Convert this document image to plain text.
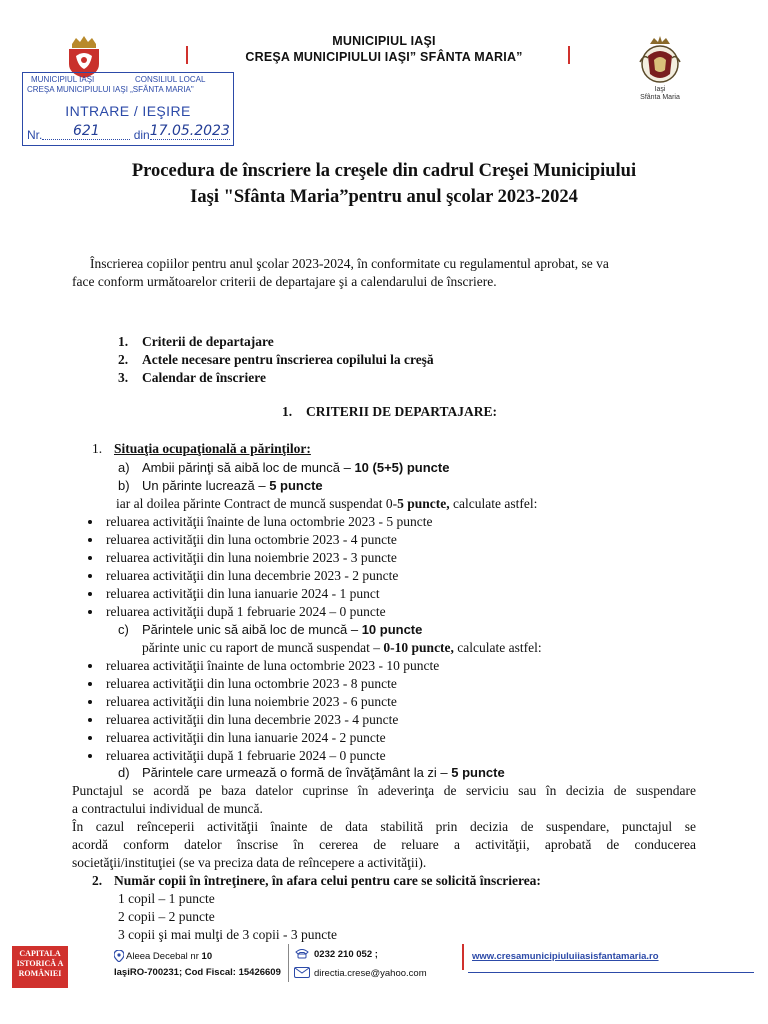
MUNICIPIUL IAŞI
CREŞA MUNICIPIULUI IAŞI” SFÂNTA MARIA”
Iaşi
Sfânta Maria
MUNICIPIUL IAŞI	CONSILIUL LOCAL
CREŞA MUNICIPIULUI IAŞI „SFÂNTA MARIA"
INTRARE / IEŞIRE
Nr. 621	din17.05.2023
Procedura de înscriere la creşele din cadrul Creşei Municipiului
Iaşi "Sfânta Maria”pentru anul şcolar 2023-2024
Înscrierea copiilor pentru anul şcolar 2023-2024, în conformitate cu regulamentul aprobat, se va
face conform următoarelor criterii de departajare şi a calendarului de înscriere.
1. Criterii de departajare
2. Actele necesare pentru înscrierea copilului la creşă
3. Calendar de înscriere
1. CRITERII DE DEPARTAJARE:
1. Situaţia ocupaţională a părinţilor:
a) Ambii părinţi să aibă loc de muncă – 10 (5+5) puncte
b) Un părinte lucrează – 5 puncte
iar al doilea părinte Contract de muncă suspendat 0-5 puncte, calculate astfel:
reluarea activităţii înainte de luna octombrie 2023 - 5 puncte
reluarea activităţii din luna octombrie 2023 - 4 puncte
reluarea activităţii din luna noiembrie 2023 - 3 puncte
reluarea activităţii din luna decembrie 2023 - 2 puncte
reluarea activităţii din luna ianuarie 2024 - 1 punct
reluarea activităţii după 1 februarie 2024 – 0 puncte
c) Părintele unic să aibă loc de muncă – 10 puncte
părinte unic cu raport de muncă suspendat – 0-10 puncte, calculate astfel:
reluarea activităţii înainte de luna octombrie 2023 - 10 puncte
reluarea activităţii din luna octombrie 2023 - 8 puncte
reluarea activităţii din luna noiembrie 2023 - 6 puncte
reluarea activităţii din luna decembrie 2023 - 4 puncte
reluarea activităţii din luna ianuarie 2024 - 2 puncte
reluarea activităţii după 1 februarie 2024 – 0 puncte
d) Părintele care urmează o formă de învăţământ la zi – 5 puncte
Punctajul se acordă pe baza datelor cuprinse în adeverinţa de serviciu sau în decizia de suspendare
a contractului individual de muncă.
În cazul reînceperii activităţii înainte de data stabilită prin decizia de suspendare, punctajul se
acordă conform datelor înscrise în cererea de reluare a activităţii, aprobată de conducerea
societăţii/instituţiei (se va preciza data de reîncepere a activităţii).
2. Număr copii în întreţinere, în afara celui pentru care se solicită înscrierea:
1 copil – 1 puncte
2 copii – 2 puncte
3 copii şi mai mulţi de 3 copii - 3 puncte
CAPITALA
ISTORICĂ A
ROMÂNIEI
Aleea Decebal nr 10
IaşiRO-700231; Cod Fiscal: 15426609
0232 210 052 ;
directia.crese@yahoo.com
www.cresamunicipiuluiiasisfantamaria.ro
